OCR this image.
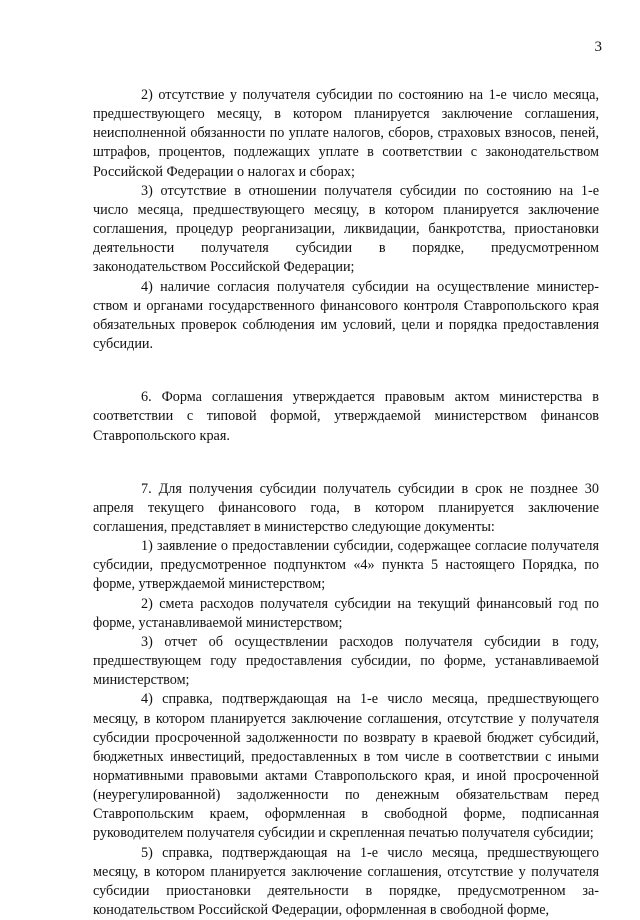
3

2) отсутствие у получателя субсидии по состоянию на 1-е число месяца, предшествующего месяцу, в котором планируется заключение соглашения, неисполненной обязанности по уплате налогов, сборов, страховых взносов, пеней, штрафов, процентов, подлежащих уплате в соответствии с законодательством Российской Федерации о налогах и сборах;

3) отсутствие в отношении получателя субсидии по состоянию на 1-е число месяца, предшествующего месяцу, в котором планируется заключение соглашения, процедур реорганизации, ликвидации, банкротства, приостановки деятельности получателя субсидии в порядке, предусмотренном законодательством Российской Федерации;

4) наличие согласия получателя субсидии на осуществление министерством и органами государственного финансового контроля Ставропольского края обязательных проверок соблюдения им условий, цели и порядка предоставления субсидии.

6. Форма соглашения утверждается правовым актом министерства в соответствии с типовой формой, утверждаемой министерством финансов Ставропольского края.

7. Для получения субсидии получатель субсидии в срок не позднее 30 апреля текущего финансового года, в котором планируется заключение соглашения, представляет в министерство следующие документы:

1) заявление о предоставлении субсидии, содержащее согласие получателя субсидии, предусмотренное подпунктом «4» пункта 5 настоящего Порядка, по форме, утверждаемой министерством;

2) смета расходов получателя субсидии на текущий финансовый год по форме, устанавливаемой министерством;

3) отчет об осуществлении расходов получателя субсидии в году, предшествующем году предоставления субсидии, по форме, устанавливаемой министерством;

4) справка, подтверждающая на 1-е число месяца, предшествующего месяцу, в котором планируется заключение соглашения, отсутствие у получателя субсидии просроченной задолженности по возврату в краевой бюджет субсидий, бюджетных инвестиций, предоставленных в том числе в соответствии с иными нормативными правовыми актами Ставропольского края, и иной просроченной (неурегулированной) задолженности по денежным обязательствам перед Ставропольским краем, оформленная в свободной форме, подписанная руководителем получателя субсидии и скрепленная печатью получателя субсидии;

5) справка, подтверждающая на 1-е число месяца, предшествующего месяцу, в котором планируется заключение соглашения, отсутствие у получателя субсидии приостановки деятельности в порядке, предусмотренном законодательством Российской Федерации, оформленная в свободной форме,
